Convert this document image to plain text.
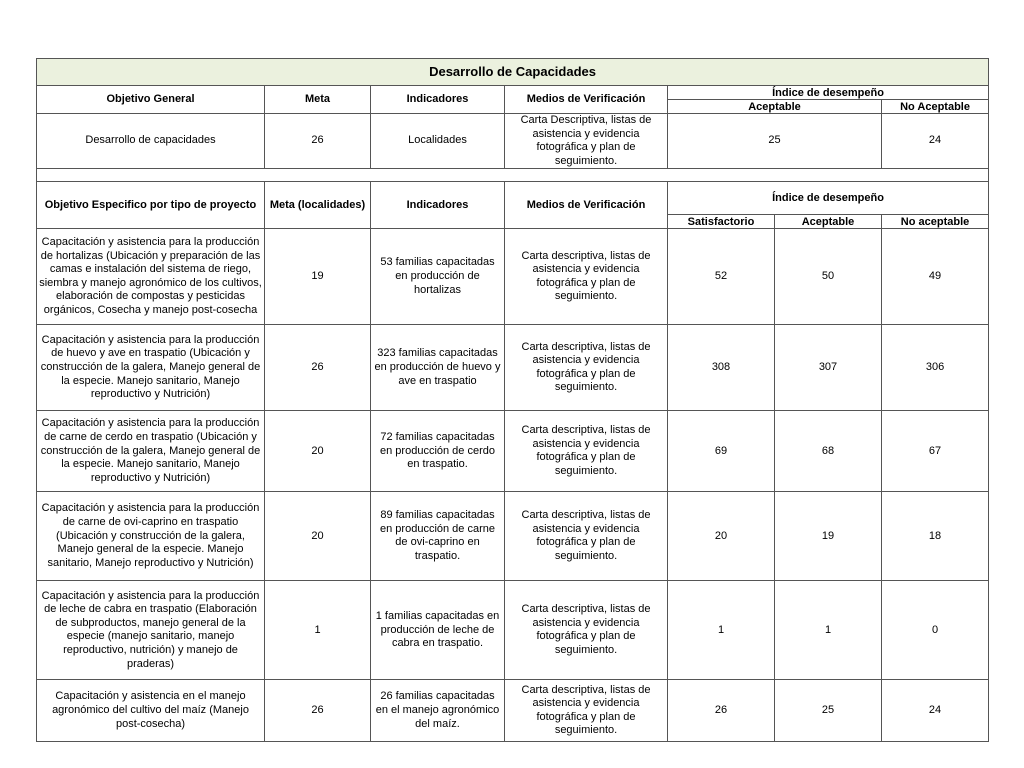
Desarrollo de Capacidades						
Objetivo General	Meta	Indicadores	Medios de Verificación	Índice de desempeño		
				Aceptable		No Aceptable
Desarrollo de capacidades	26	Localidades	Carta Descriptiva, listas de asistencia y evidencia fotográfica y plan de seguimiento.	25		24

Objetivo Especifico por tipo de proyecto	Meta (localidades)	Indicadores	Medios de Verificación	Índice de desempeño		
				Satisfactorio	Aceptable	No aceptable
Capacitación y asistencia para la producción de hortalizas (Ubicación y preparación de las camas e instalación del sistema de riego, siembra y manejo agronómico de los cultivos, elaboración de compostas y pesticidas orgánicos, Cosecha y manejo post-cosecha	19	53 familias capacitadas en producción de hortalizas	Carta descriptiva, listas de asistencia y evidencia fotográfica y plan de seguimiento.	52	50	49
Capacitación y asistencia para la producción de huevo y ave en traspatio (Ubicación y construcción de la galera, Manejo general de la especie. Manejo sanitario, Manejo reproductivo y Nutrición)	26	323 familias capacitadas en producción de huevo y ave en traspatio	Carta descriptiva, listas de asistencia y evidencia fotográfica y plan de seguimiento.	308	307	306
Capacitación y asistencia para la producción de carne de cerdo en traspatio (Ubicación y construcción de la galera, Manejo general de la especie. Manejo sanitario, Manejo reproductivo y Nutrición)	20	72 familias capacitadas en producción de cerdo en traspatio.	Carta descriptiva, listas de asistencia y evidencia fotográfica y plan de seguimiento.	69	68	67
Capacitación y asistencia para la producción de carne de ovi-caprino en traspatio (Ubicación y construcción de la galera, Manejo general de la especie. Manejo sanitario, Manejo reproductivo y Nutrición)	20	89 familias capacitadas en producción de carne de ovi-caprino en traspatio.	Carta descriptiva, listas de asistencia y evidencia fotográfica y plan de seguimiento.	20	19	18
Capacitación y asistencia para la producción de leche de cabra en traspatio (Elaboración de subproductos, manejo general de la especie (manejo sanitario, manejo reproductivo, nutrición) y manejo de praderas)	1	1 familias capacitadas en producción de leche de cabra en traspatio.	Carta descriptiva, listas de asistencia y evidencia fotográfica y plan de seguimiento.	1	1	0
Capacitación y asistencia en el manejo agronómico del cultivo del maíz (Manejo post-cosecha)	26	26 familias capacitadas en el manejo agronómico del maíz.	Carta descriptiva, listas de asistencia y evidencia fotográfica y plan de seguimiento.	26	25	24
